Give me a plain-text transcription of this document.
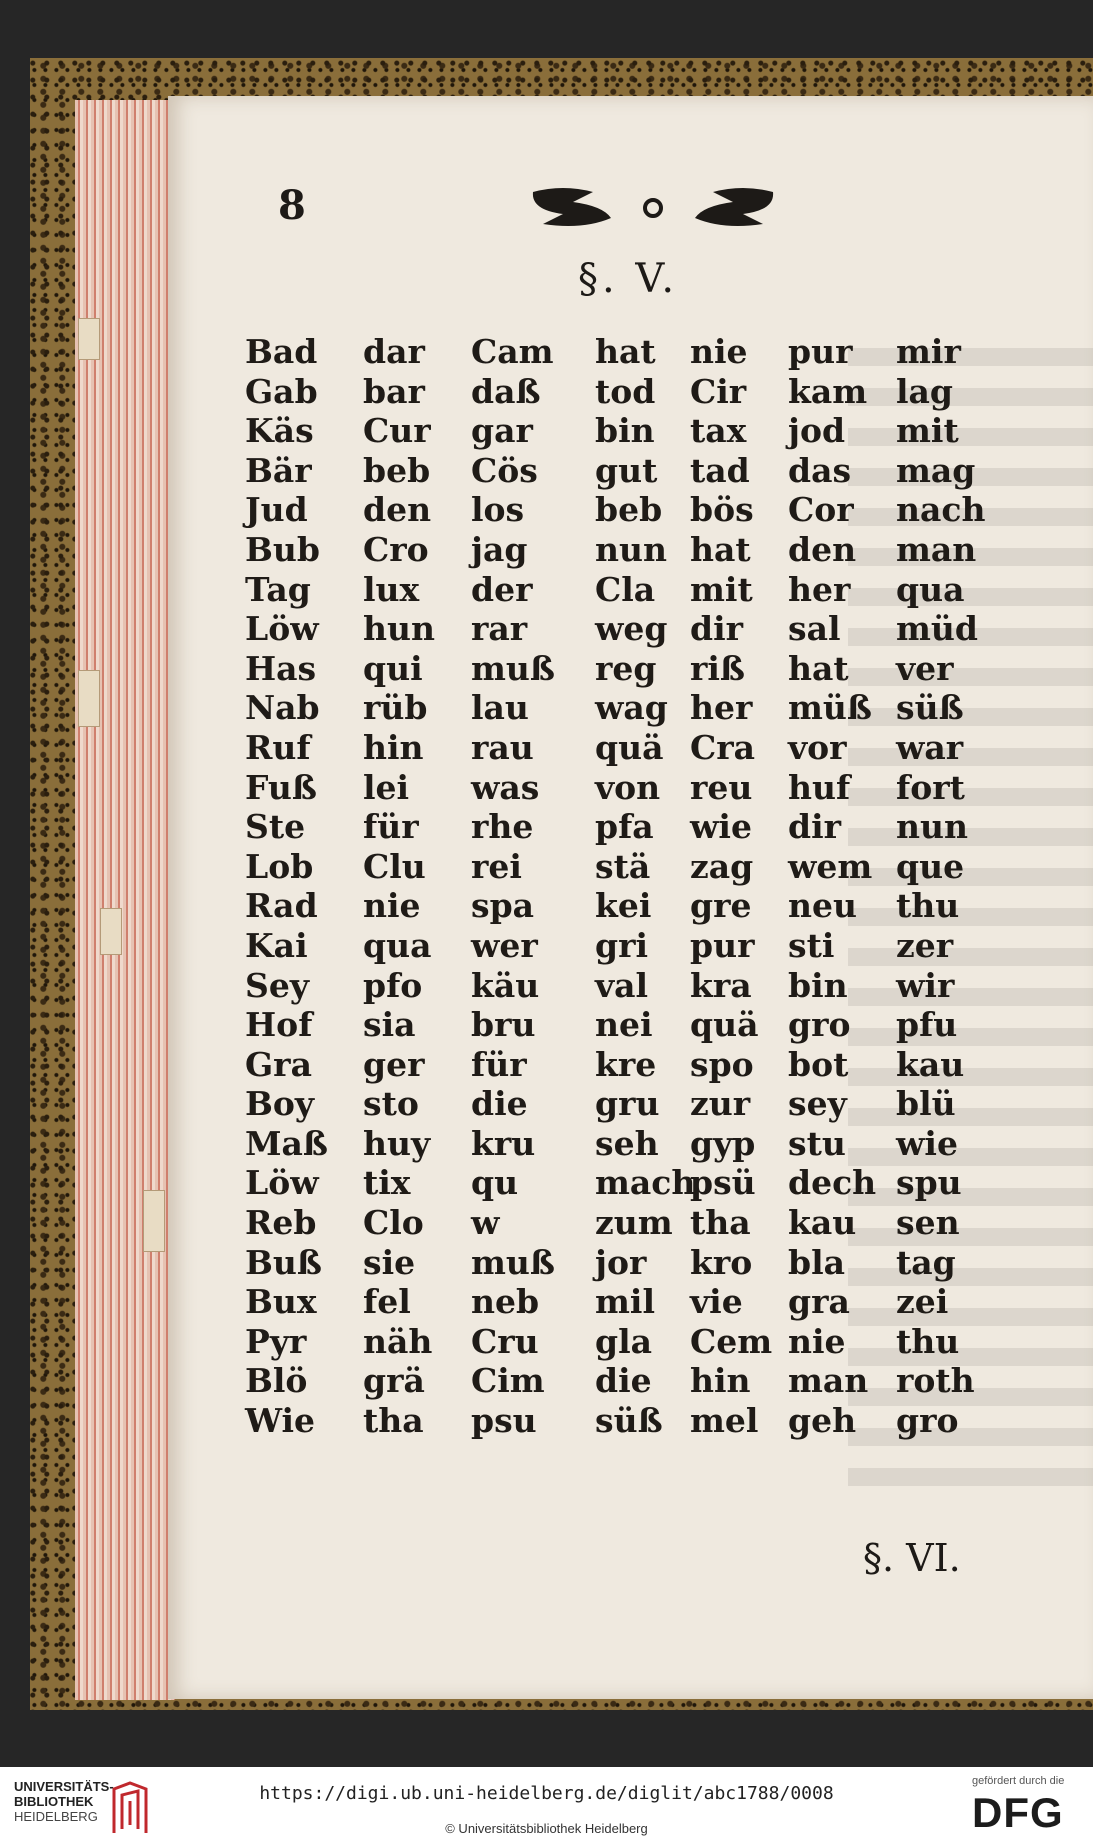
8
§. V.
Bad	dar	Cam	hat	nie	pur	mir
Gab	bar	daß	tod	Cir	kam	lag
Käs	Cur	gar	bin	tax	jod	mit
Bär	beb	Cös	gut	tad	das	mag
Jud	den	los	beb	bös	Cor	nach
Bub	Cro	jag	nun	hat	den	man
Tag	lux	der	Cla	mit	her	qua
Löw	hun	rar	weg	dir	sal	müd
Has	qui	muß	reg	riß	hat	ver
Nab	rüb	lau	wag	her	müß	süß
Ruf	hin	rau	quä	Cra	vor	war
Fuß	lei	was	von	reu	huf	fort
Ste	für	rhe	pfa	wie	dir	nun
Lob	Clu	rei	stä	zag	wem	que
Rad	nie	spa	kei	gre	neu	thu
Kai	qua	wer	gri	pur	sti	zer
Sey	pfo	käu	val	kra	bin	wir
Hof	sia	bru	nei	quä	gro	pfu
Gra	ger	für	kre	spo	bot	kau
Boy	sto	die	gru	zur	sey	blü
Maß	huy	kru	seh	gyp	stu	wie
Löw	tix	qu	mach	psü	dech	spu
Reb	Clo	w	zum	tha	kau	sen
Buß	sie	muß	jor	kro	bla	tag
Bux	fel	neb	mil	vie	gra	zei
Pyr	näh	Cru	gla	Cem	nie	thu
Blö	grä	Cim	die	hin	man	roth
Wie	tha	psu	süß	mel	geh	gro
§. VI.
UNIVERSITÄTS-
BIBLIOTHEK
HEIDELBERG
https://digi.ub.uni-heidelberg.de/diglit/abc1788/0008
© Universitätsbibliothek Heidelberg
gefördert durch die
DFG
